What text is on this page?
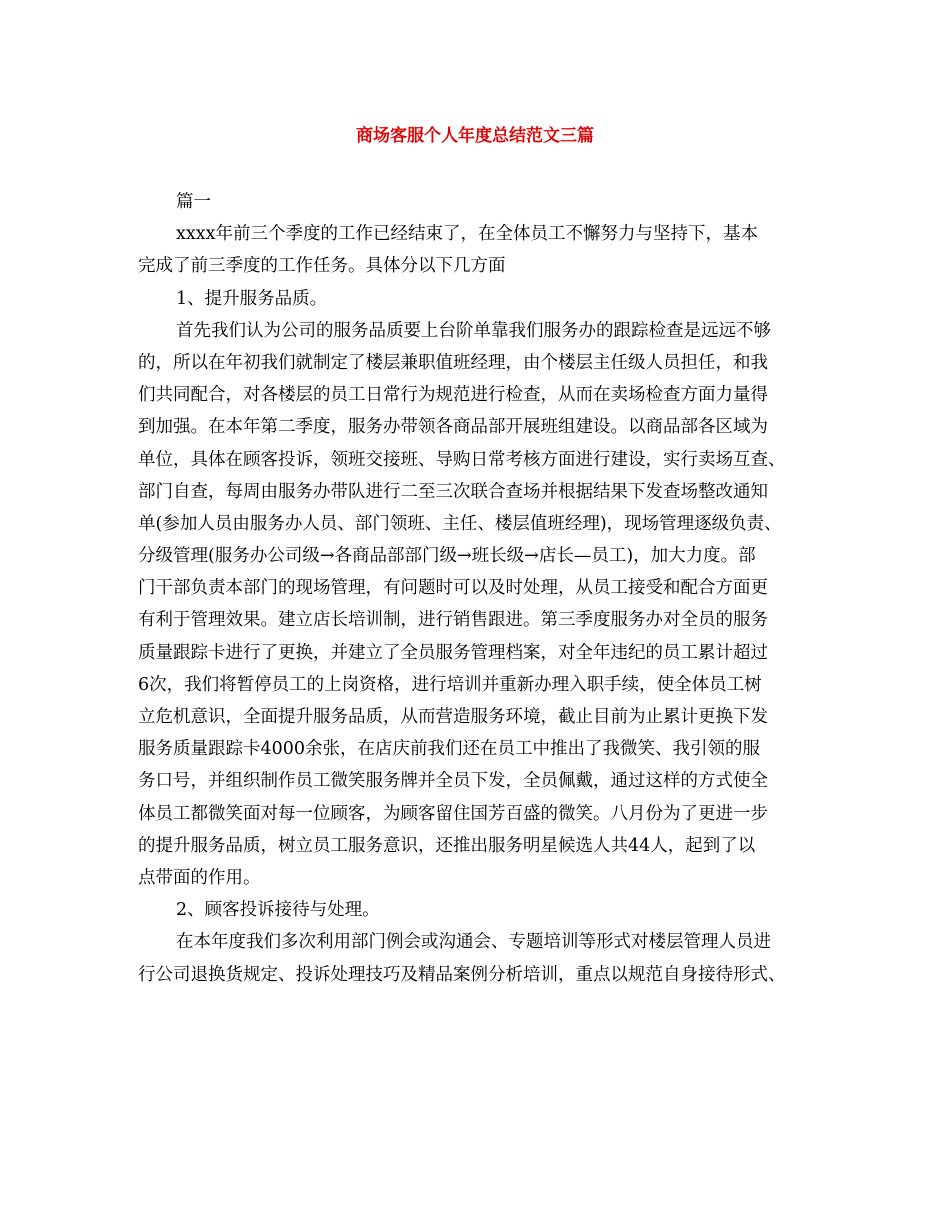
商场客服个人年度总结范文三篇
篇一
xxxx年前三个季度的工作已经结束了，在全体员工不懈努力与坚持下，基本
完成了前三季度的工作任务。具体分以下几方面
1、提升服务品质。
首先我们认为公司的服务品质要上台阶单靠我们服务办的跟踪检查是远远不够
的，所以在年初我们就制定了楼层兼职值班经理，由个楼层主任级人员担任，和我
们共同配合，对各楼层的员工日常行为规范进行检查，从而在卖场检查方面力量得
到加强。在本年第二季度，服务办带领各商品部开展班组建设。以商品部各区域为
单位，具体在顾客投诉，领班交接班、导购日常考核方面进行建设，实行卖场互查、
部门自查，每周由服务办带队进行二至三次联合查场并根据结果下发查场整改通知
单(参加人员由服务办人员、部门领班、主任、楼层值班经理)，现场管理逐级负责、
分级管理(服务办公司级→各商品部部门级→班长级→店长—员工)，加大力度。部
门干部负责本部门的现场管理，有问题时可以及时处理，从员工接受和配合方面更
有利于管理效果。建立店长培训制，进行销售跟进。第三季度服务办对全员的服务
质量跟踪卡进行了更换，并建立了全员服务管理档案，对全年违纪的员工累计超过
6次，我们将暂停员工的上岗资格，进行培训并重新办理入职手续，使全体员工树
立危机意识，全面提升服务品质，从而营造服务环境，截止目前为止累计更换下发
服务质量跟踪卡4000余张，在店庆前我们还在员工中推出了我微笑、我引领的服
务口号，并组织制作员工微笑服务牌并全员下发，全员佩戴，通过这样的方式使全
体员工都微笑面对每一位顾客，为顾客留住国芳百盛的微笑。八月份为了更进一步
的提升服务品质，树立员工服务意识，还推出服务明星候选人共44人，起到了以
点带面的作用。
2、顾客投诉接待与处理。
在本年度我们多次利用部门例会或沟通会、专题培训等形式对楼层管理人员进
行公司退换货规定、投诉处理技巧及精品案例分析培训，重点以规范自身接待形式、
